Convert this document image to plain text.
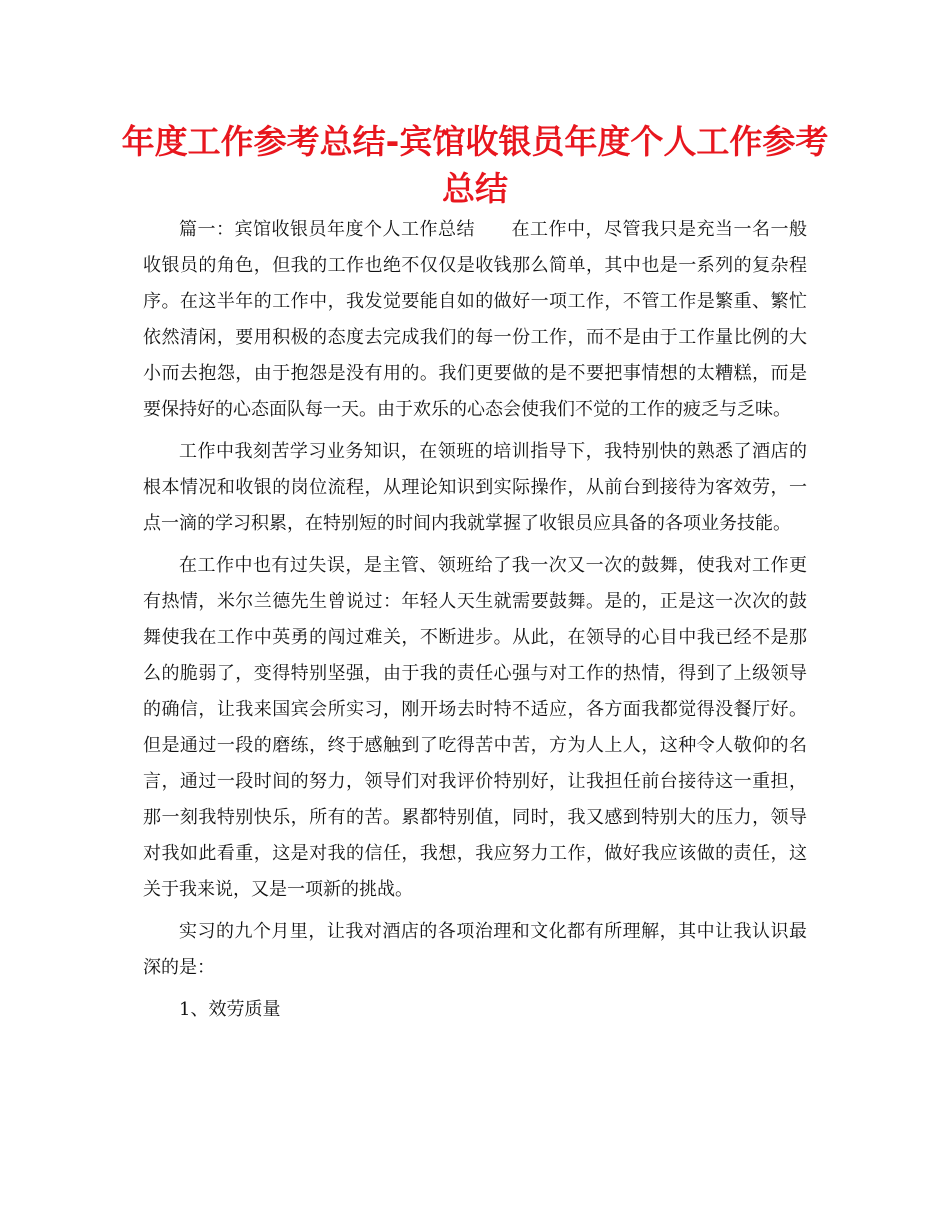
年度工作参考总结-宾馆收银员年度个人工作参考总结

篇一：宾馆收银员年度个人工作总结 在工作中，尽管我只是充当一名一般收银员的角色，但我的工作也绝不仅仅是收钱那么简单，其中也是一系列的复杂程序。在这半年的工作中，我发觉要能自如的做好一项工作，不管工作是繁重、繁忙依然清闲，要用积极的态度去完成我们的每一份工作，而不是由于工作量比例的大小而去抱怨，由于抱怨是没有用的。我们更要做的是不要把事情想的太糟糕，而是要保持好的心态面队每一天。由于欢乐的心态会使我们不觉的工作的疲乏与乏味。

工作中我刻苦学习业务知识，在领班的培训指导下，我特别快的熟悉了酒店的根本情况和收银的岗位流程，从理论知识到实际操作，从前台到接待为客效劳，一点一滴的学习积累，在特别短的时间内我就掌握了收银员应具备的各项业务技能。

在工作中也有过失误，是主管、领班给了我一次又一次的鼓舞，使我对工作更有热情，米尔兰德先生曾说过：年轻人天生就需要鼓舞。是的，正是这一次次的鼓舞使我在工作中英勇的闯过难关，不断进步。从此，在领导的心目中我已经不是那么的脆弱了，变得特别坚强，由于我的责任心强与对工作的热情，得到了上级领导的确信，让我来国宾会所实习，刚开场去时特不适应，各方面我都觉得没餐厅好。但是通过一段的磨练，终于感触到了吃得苦中苦，方为人上人，这种令人敬仰的名言，通过一段时间的努力，领导们对我评价特别好，让我担任前台接待这一重担，那一刻我特别快乐，所有的苦。累都特别值，同时，我又感到特别大的压力，领导对我如此看重，这是对我的信任，我想，我应努力工作，做好我应该做的责任，这关于我来说，又是一项新的挑战。

实习的九个月里，让我对酒店的各项治理和文化都有所理解，其中让我认识最深的是：

1、效劳质量
